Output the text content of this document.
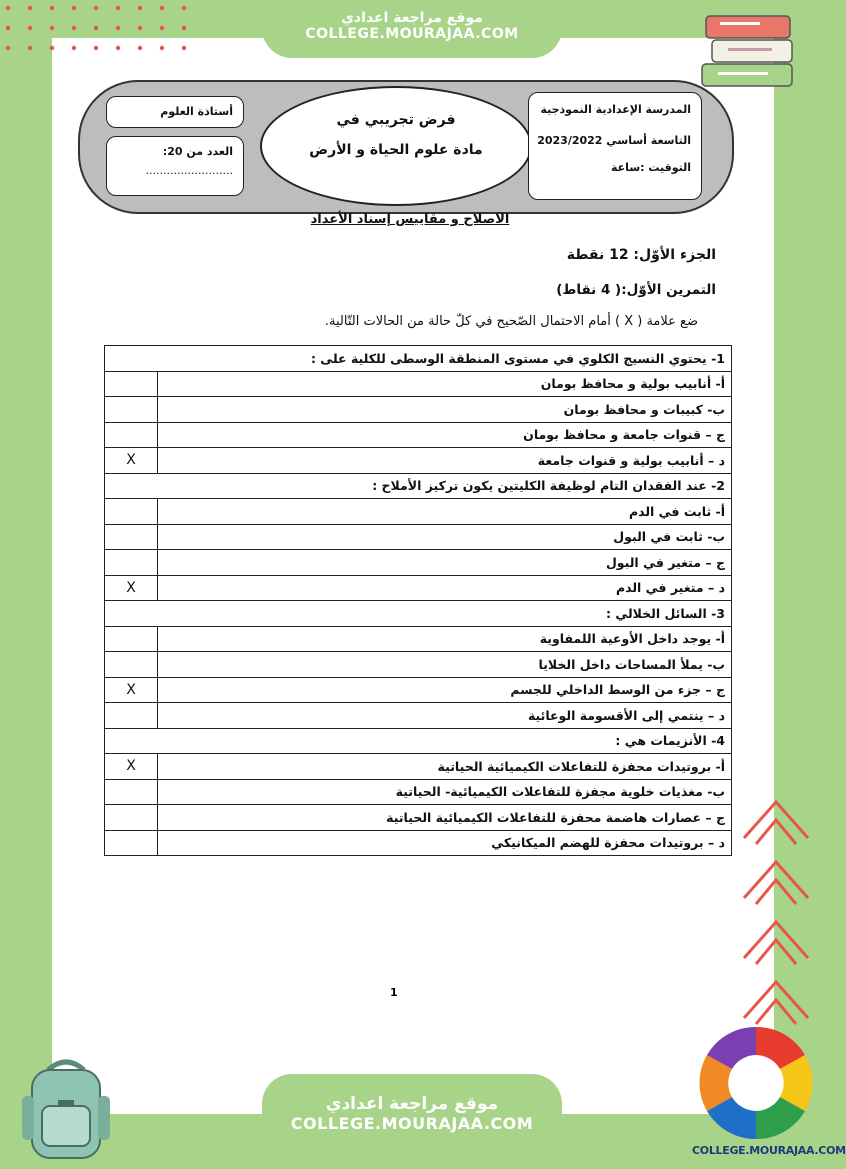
موقع مراجعة اعدادي
COLLEGE.MOURAJAA.COM
أستاذة العلوم
العدد من 20:
.........................
فرض تجريبي في
مادة علوم الحياة و الأرض
المدرسة الإعدادية النموذجية
التاسعة أساسي 2023/2022
التوقيت :ساعة
الاصلاح و مقاييس إسناد الأعداد
الجزء الأوّل: 12 نقطة
التمرين الأوّل:( 4 نقاط)
ضع علامة ( X ) أمام الاحتمال الصّحيح في كلّ حالة من الحالات التّالية.
1- يحتوي النسيج الكلوي في مستوى المنطقة الوسطى للكلية على :	
أ- أنابيب بولية و محافظ بومان	
ب- كبيبات و محافظ بومان	
ج – قنوات جامعة و محافظ بومان	
د – أنابيب بولية و قنوات جامعة	X
2- عند الفقدان التام لوظيفة الكليتين يكون تركيز الأملاح :	
أ- ثابت في الدم	
ب- ثابت في البول	
ج – متغير في البول	
د – متغير في الدم	X
3- السائل الخلالي :	
أ- يوجد داخل الأوعية اللمفاوية	
ب- يملأ المساحات داخل الخلايا	
ج – جزء من الوسط الداخلي للجسم	X
د – ينتمي إلى الأقسومة الوعائية	
4- الأنزيمات هي :	
أ- بروتيدات محفزة للتفاعلات الكيميائية الحياتية	X
ب- مغذيات خلوية مجفزة للتفاعلات الكيميائية- الحياتية	
ج – عصارات هاضمة محفزة للتفاعلات الكيميائية الحياتية	
د – بروتيدات محفزة للهضم الميكانيكي	
1
موقع مراجعة اعدادي
COLLEGE.MOURAJAA.COM
COLLEGE.MOURAJAA.COM
